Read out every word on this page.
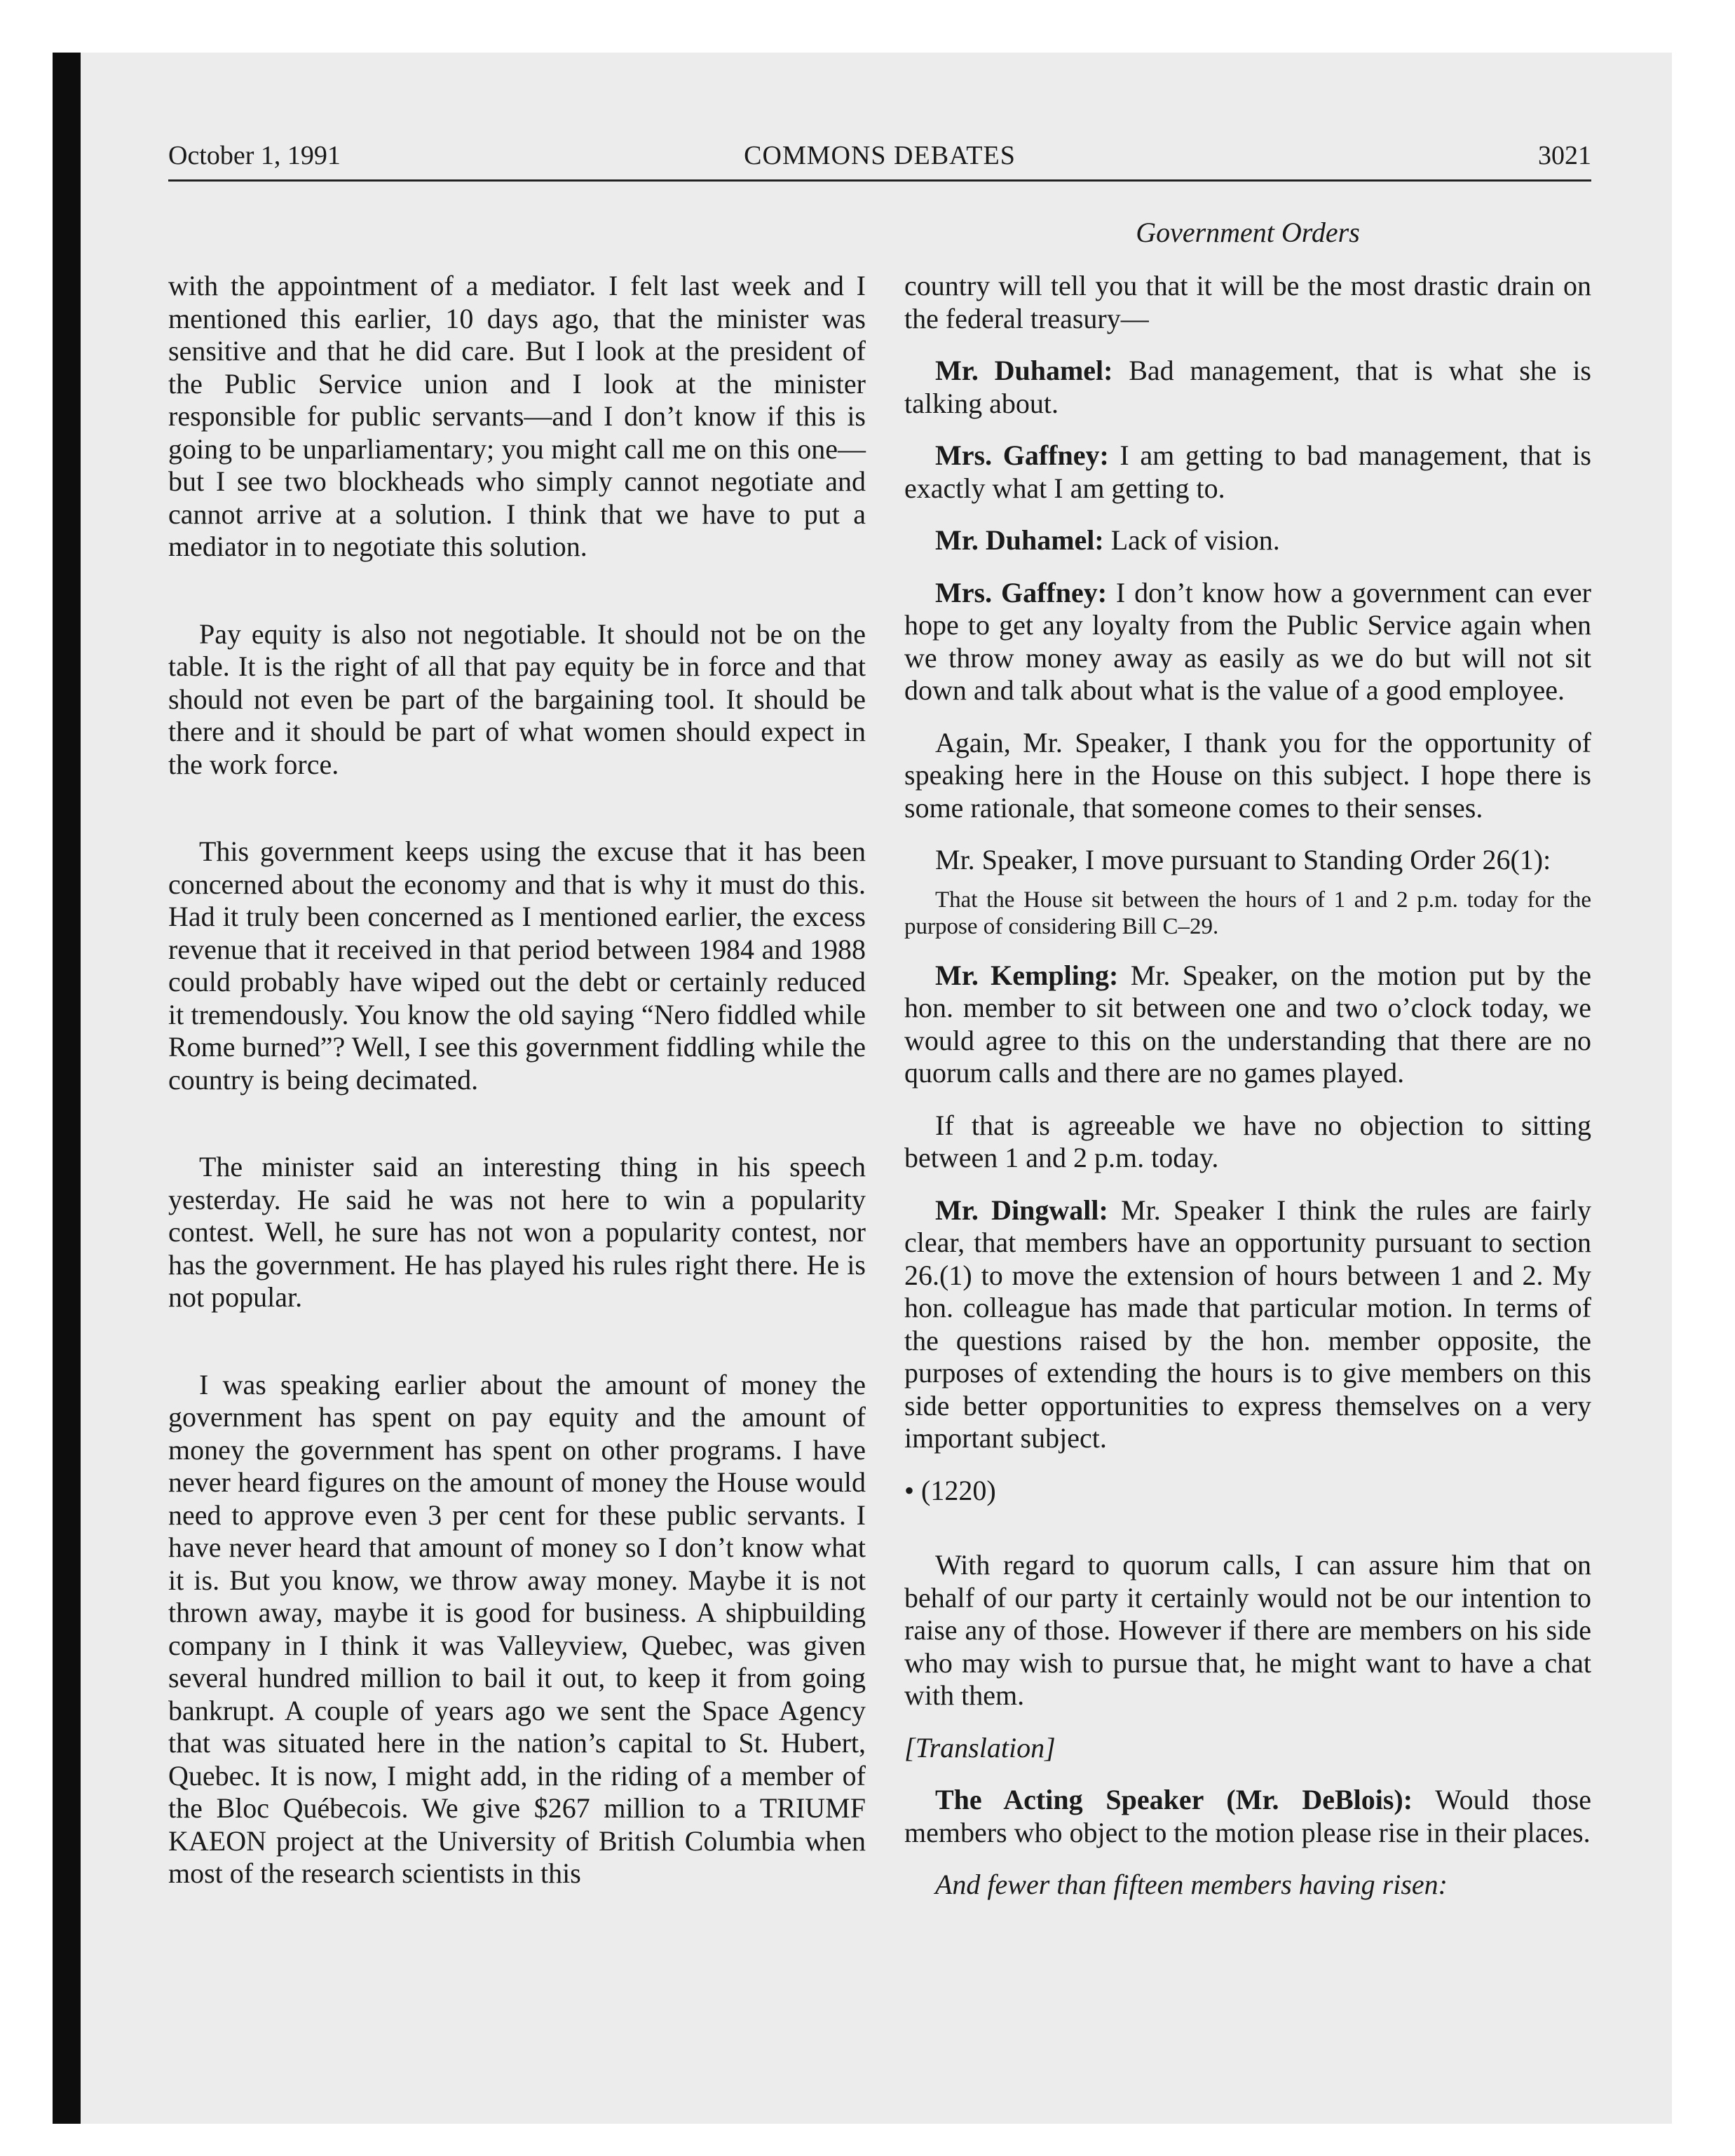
COMMONS DEBATES
October 1, 1991	3021
Government Orders

with the appointment of a mediator. I felt last week and I mentioned this earlier, 10 days ago, that the minister was sensitive and that he did care. But I look at the president of the Public Service union and I look at the minister responsible for public servants—and I don’t know if this is going to be unparliamentary; you might call me on this one—but I see two blockheads who simply cannot negotiate and cannot arrive at a solution. I think that we have to put a mediator in to negotiate this solution.

Pay equity is also not negotiable. It should not be on the table. It is the right of all that pay equity be in force and that should not even be part of the bargaining tool. It should be there and it should be part of what women should expect in the work force.

This government keeps using the excuse that it has been concerned about the economy and that is why it must do this. Had it truly been concerned as I mentioned earlier, the excess revenue that it received in that period between 1984 and 1988 could probably have wiped out the debt or certainly reduced it tremendously. You know the old saying “Nero fiddled while Rome burned”? Well, I see this government fiddling while the country is being decimated.

The minister said an interesting thing in his speech yesterday. He said he was not here to win a popularity contest. Well, he sure has not won a popularity contest, nor has the government. He has played his rules right there. He is not popular.

I was speaking earlier about the amount of money the government has spent on pay equity and the amount of money the government has spent on other programs. I have never heard figures on the amount of money the House would need to approve even 3 per cent for these public servants. I have never heard that amount of money so I don’t know what it is. But you know, we throw away money. Maybe it is not thrown away, maybe it is good for business. A shipbuilding company in I think it was Valleyview, Quebec, was given several hundred million to bail it out, to keep it from going bankrupt. A couple of years ago we sent the Space Agency that was situated here in the nation’s capital to St. Hubert, Quebec. It is now, I might add, in the riding of a member of the Bloc Québecois. We give $267 million to a TRIUMF KAEON project at the University of British Columbia when most of the research scientists in this

country will tell you that it will be the most drastic drain on the federal treasury—

Mr. Duhamel: Bad management, that is what she is talking about.

Mrs. Gaffney: I am getting to bad management, that is exactly what I am getting to.

Mr. Duhamel: Lack of vision.

Mrs. Gaffney: I don’t know how a government can ever hope to get any loyalty from the Public Service again when we throw money away as easily as we do but will not sit down and talk about what is the value of a good employee.

Again, Mr. Speaker, I thank you for the opportunity of speaking here in the House on this subject. I hope there is some rationale, that someone comes to their senses.

Mr. Speaker, I move pursuant to Standing Order 26(1):

That the House sit between the hours of 1 and 2 p.m. today for the purpose of considering Bill C–29.

Mr. Kempling: Mr. Speaker, on the motion put by the hon. member to sit between one and two o’clock today, we would agree to this on the understanding that there are no quorum calls and there are no games played.

If that is agreeable we have no objection to sitting between 1 and 2 p.m. today.

Mr. Dingwall: Mr. Speaker I think the rules are fairly clear, that members have an opportunity pursuant to section 26.(1) to move the extension of hours between 1 and 2. My hon. colleague has made that particular motion. In terms of the questions raised by the hon. member opposite, the purposes of extending the hours is to give members on this side better opportunities to express themselves on a very important subject.

• (1220)

With regard to quorum calls, I can assure him that on behalf of our party it certainly would not be our intention to raise any of those. However if there are members on his side who may wish to pursue that, he might want to have a chat with them.

[Translation]

The Acting Speaker (Mr. DeBlois): Would those members who object to the motion please rise in their places.

And fewer than fifteen members having risen:
